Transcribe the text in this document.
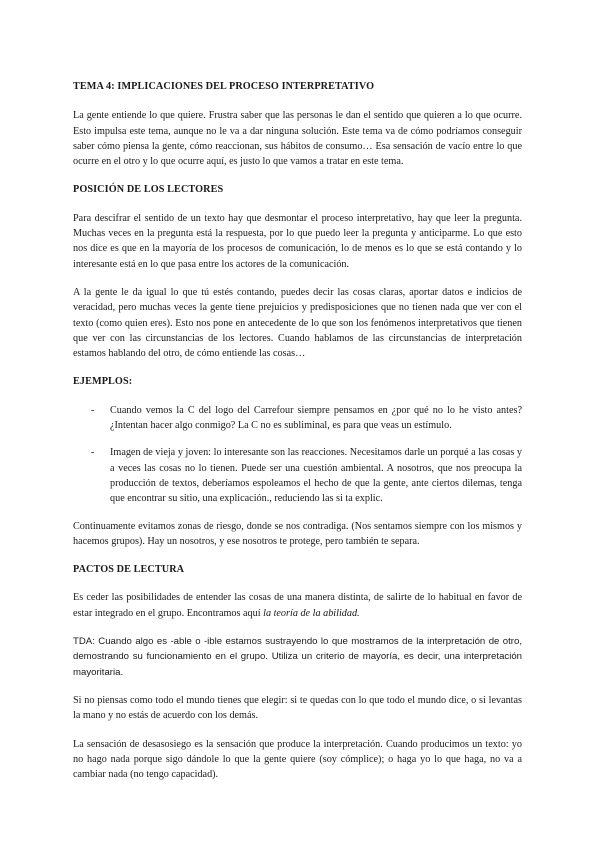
TEMA 4: IMPLICACIONES DEL PROCESO INTERPRETATIVO

La gente entiende lo que quiere. Frustra saber que las personas le dan el sentido que quieren a lo que ocurre. Esto impulsa este tema, aunque no le va a dar ninguna solución. Este tema va de cómo podríamos conseguir saber cómo piensa la gente, cómo reaccionan, sus hábitos de consumo… Esa sensación de vacío entre lo que ocurre en el otro y lo que ocurre aquí, es justo lo que vamos a tratar en este tema.

POSICIÓN DE LOS LECTORES

Para descifrar el sentido de un texto hay que desmontar el proceso interpretativo, hay que leer la pregunta. Muchas veces en la pregunta está la respuesta, por lo que puedo leer la pregunta y anticiparme. Lo que esto nos dice es que en la mayoría de los procesos de comunicación, lo de menos es lo que se está contando y lo interesante está en lo que pasa entre los actores de la comunicación.

A la gente le da igual lo que tú estés contando, puedes decir las cosas claras, aportar datos e indicios de veracidad, pero muchas veces la gente tiene prejuicios y predisposiciones que no tienen nada que ver con el texto (como quien eres). Esto nos pone en antecedente de lo que son los fenómenos interpretativos que tienen que ver con las circunstancias de los lectores. Cuando hablamos de las circunstancias de interpretación estamos hablando del otro, de cómo entiende las cosas…

EJEMPLOS:
- Cuando vemos la C del logo del Carrefour siempre pensamos en ¿por qué no lo he visto antes? ¿Intentan hacer algo conmigo? La C no es subliminal, es para que veas un estímulo.
- Imagen de vieja y joven: lo interesante son las reacciones. Necesitamos darle un porqué a las cosas y a veces las cosas no lo tienen. Puede ser una cuestión ambiental. A nosotros, que nos preocupa la producción de textos, deberíamos espoleamos el hecho de que la gente, ante ciertos dilemas, tenga que encontrar su sitio, una explicación., reduciendo las si ta explic.

Continuamente evitamos zonas de riesgo, donde se nos contradiga. (Nos sentamos siempre con los mismos y hacemos grupos). Hay un nosotros, y ese nosotros te protege, pero también te separa.

PACTOS DE LECTURA

Es ceder las posibilidades de entender las cosas de una manera distinta, de salirte de lo habitual en favor de estar integrado en el grupo. Encontramos aquí la teoría de la abilidad.

TDA: Cuando algo es -able o -ible estamos sustrayendo lo que mostramos de la interpretación de otro, demostrando su funcionamiento en el grupo. Utiliza un criterio de mayoría, es decir, una interpretación mayoritaria.

Si no piensas como todo el mundo tienes que elegir: si te quedas con lo que todo el mundo dice, o si levantas la mano y no estás de acuerdo con los demás.

La sensación de desasosiego es la sensación que produce la interpretación. Cuando producimos un texto: yo no hago nada porque sigo dándole lo que la gente quiere (soy cómplice); o haga yo lo que haga, no va a cambiar nada (no tengo capacidad).
